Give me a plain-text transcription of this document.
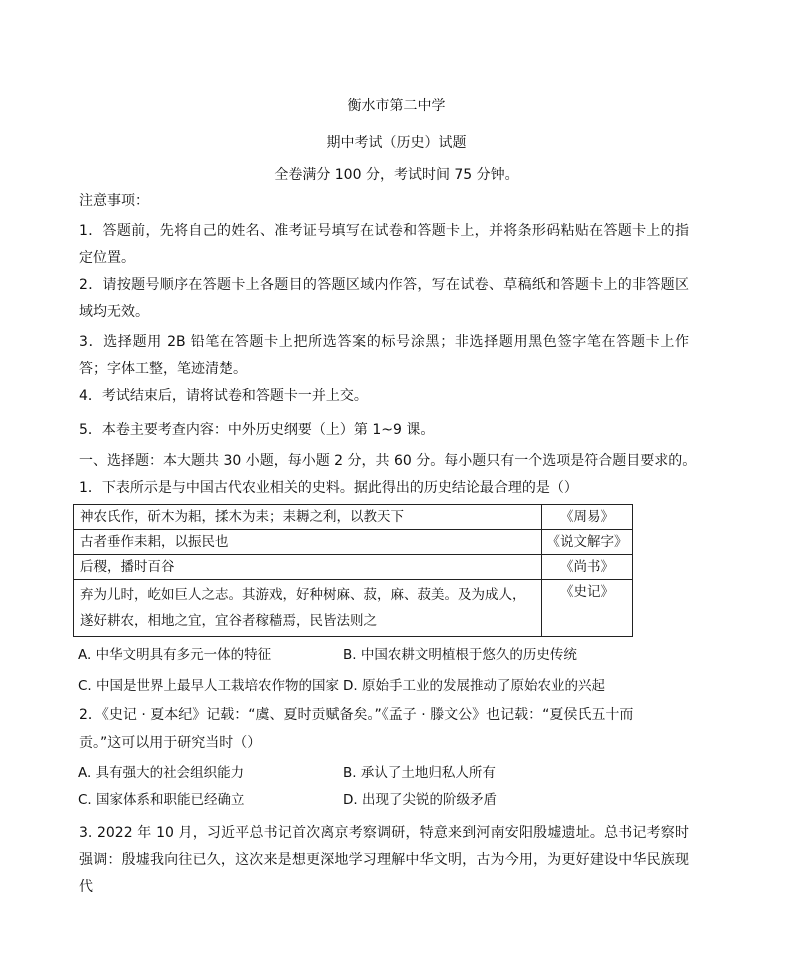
衡水市第二中学
期中考试（历史）试题
全卷满分 100 分，考试时间 75 分钟。
注意事项：
1．答题前，先将自己的姓名、准考证号填写在试卷和答题卡上，并将条形码粘贴在答题卡上的指定位置。
2．请按题号顺序在答题卡上各题目的答题区域内作答，写在试卷、草稿纸和答题卡上的非答题区域均无效。
3．选择题用 2B 铅笔在答题卡上把所选答案的标号涂黑；非选择题用黑色签字笔在答题卡上作答；字体工整，笔迹清楚。
4．考试结束后，请将试卷和答题卡一并上交。
5．本卷主要考查内容：中外历史纲要（上）第 1~9 课。
一、选择题：本大题共 30 小题，每小题 2 分，共 60 分。每小题只有一个选项是符合题目要求的。
1．下表所示是与中国古代农业相关的史料。据此得出的历史结论最合理的是（）
神农氏作，斫木为耜，揉木为耒；耒耨之利，以教天下	《周易》
古者垂作耒耜，以振民也	《说文解字》
后稷，播时百谷	《尚书》
弃为儿时，屹如巨人之志。其游戏，好种树麻、菽，麻、菽美。及为成人，遂好耕农，相地之宜，宜谷者稼穑焉，民皆法则之	《史记》
A. 中华文明具有多元一体的特征	B. 中国农耕文明植根于悠久的历史传统
C. 中国是世界上最早人工栽培农作物的国家 D. 原始手工业的发展推动了原始农业的兴起
2．《史记 · 夏本纪》记载：“虞、夏时贡赋备矣。”《孟子 · 滕文公》也记载：“夏侯氏五十而
贡。”这可以用于研究当时（）
A. 具有强大的社会组织能力	B. 承认了土地归私人所有
C. 国家体系和职能已经确立	D. 出现了尖锐的阶级矛盾
3. 2022 年 10 月，习近平总书记首次离京考察调研，特意来到河南安阳殷墟遗址。总书记考察时强调：殷墟我向往已久，这次来是想更深地学习理解中华文明，古为今用，为更好建设中华民族现代
